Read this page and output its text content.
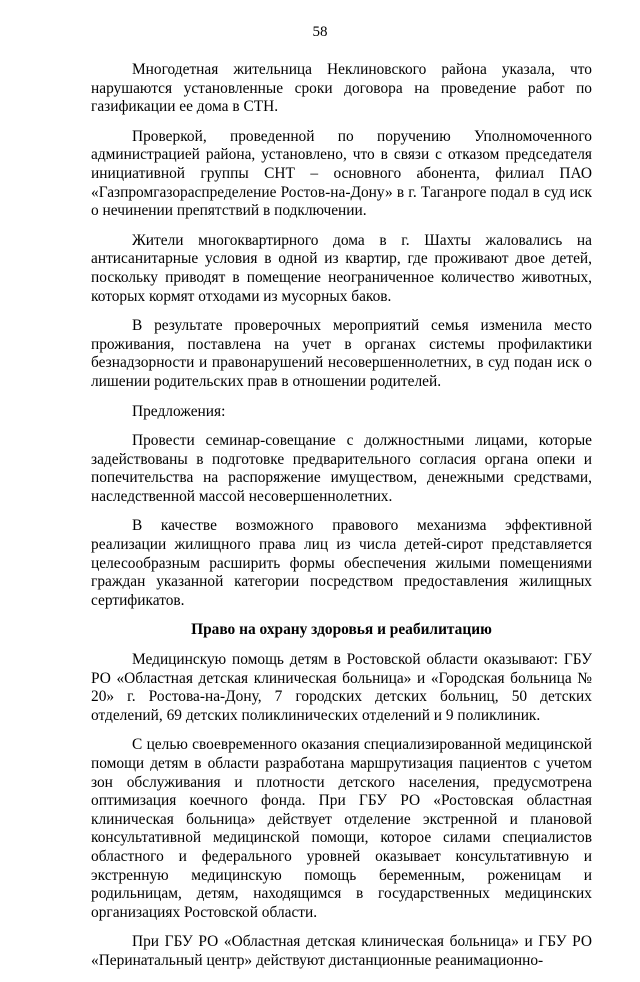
58

Многодетная жительница Неклиновского района указала, что нарушаются установленные сроки договора на проведение работ по газификации ее дома в СТН.

Проверкой, проведенной по поручению Уполномоченного администрацией района, установлено, что в связи с отказом председателя инициативной группы СНТ – основного абонента, филиал ПАО «Газпромгазораспределение Ростов-на-Дону» в г. Таганроге подал в суд иск о нечинении препятствий в подключении.

Жители многоквартирного дома в г. Шахты жаловались на антисанитарные условия в одной из квартир, где проживают двое детей, поскольку приводят в помещение неограниченное количество животных, которых кормят отходами из мусорных баков.

В результате проверочных мероприятий семья изменила место проживания, поставлена на учет в органах системы профилактики безнадзорности и правонарушений несовершеннолетних, в суд подан иск о лишении родительских прав в отношении родителей.

Предложения:

Провести семинар-совещание с должностными лицами, которые задействованы в подготовке предварительного согласия органа опеки и попечительства на распоряжение имуществом, денежными средствами, наследственной массой несовершеннолетних.

В качестве возможного правового механизма эффективной реализации жилищного права лиц из числа детей-сирот представляется целесообразным расширить формы обеспечения жилыми помещениями граждан указанной категории посредством предоставления жилищных сертификатов.

Право на охрану здоровья и реабилитацию

Медицинскую помощь детям в Ростовской области оказывают: ГБУ РО «Областная детская клиническая больница» и «Городская больница № 20» г. Ростова-на-Дону, 7 городских детских больниц, 50 детских отделений, 69 детских поликлинических отделений и 9 поликлиник.

С целью своевременного оказания специализированной медицинской помощи детям в области разработана маршрутизация пациентов с учетом зон обслуживания и плотности детского населения, предусмотрена оптимизация коечного фонда. При ГБУ РО «Ростовская областная клиническая больница» действует отделение экстренной и плановой консультативной медицинской помощи, которое силами специалистов областного и федерального уровней оказывает консультативную и экстренную медицинскую помощь беременным, роженицам и родильницам, детям, находящимся в государственных медицинских организациях Ростовской области.

При ГБУ РО «Областная детская клиническая больница» и ГБУ РО «Перинатальный центр» действуют дистанционные реанимационно-
